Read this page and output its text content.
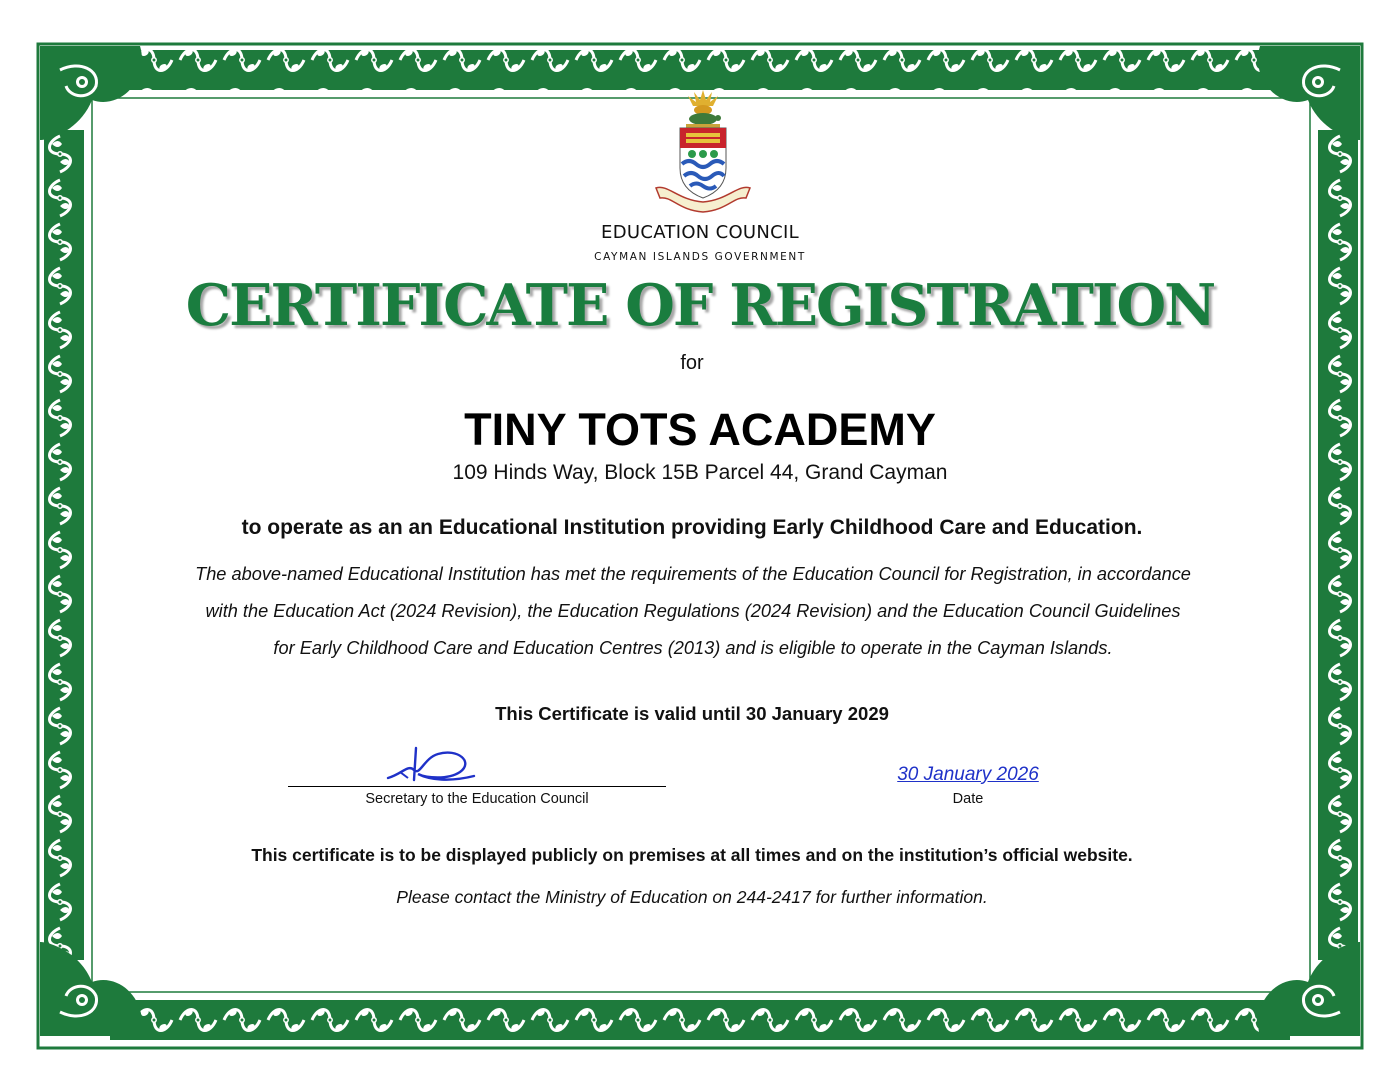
EDUCATION COUNCIL
CAYMAN ISLANDS GOVERNMENT
CERTIFICATE OF REGISTRATION
for
TINY TOTS ACADEMY
109 Hinds Way, Block 15B Parcel 44, Grand Cayman
to operate as an an Educational Institution providing Early Childhood Care and Education.
The above-named Educational Institution has met the requirements of the Education Council for Registration, in accordance
with the Education Act (2024 Revision), the Education Regulations (2024 Revision) and the Education Council Guidelines
for Early Childhood Care and Education Centres (2013) and is eligible to operate in the Cayman Islands.
This Certificate is valid until 30 January 2029
Secretary to the Education Council
30 January 2026
Date
This certificate is to be displayed publicly on premises at all times and on the institution’s official website.
Please contact the Ministry of Education on 244-2417 for further information.
